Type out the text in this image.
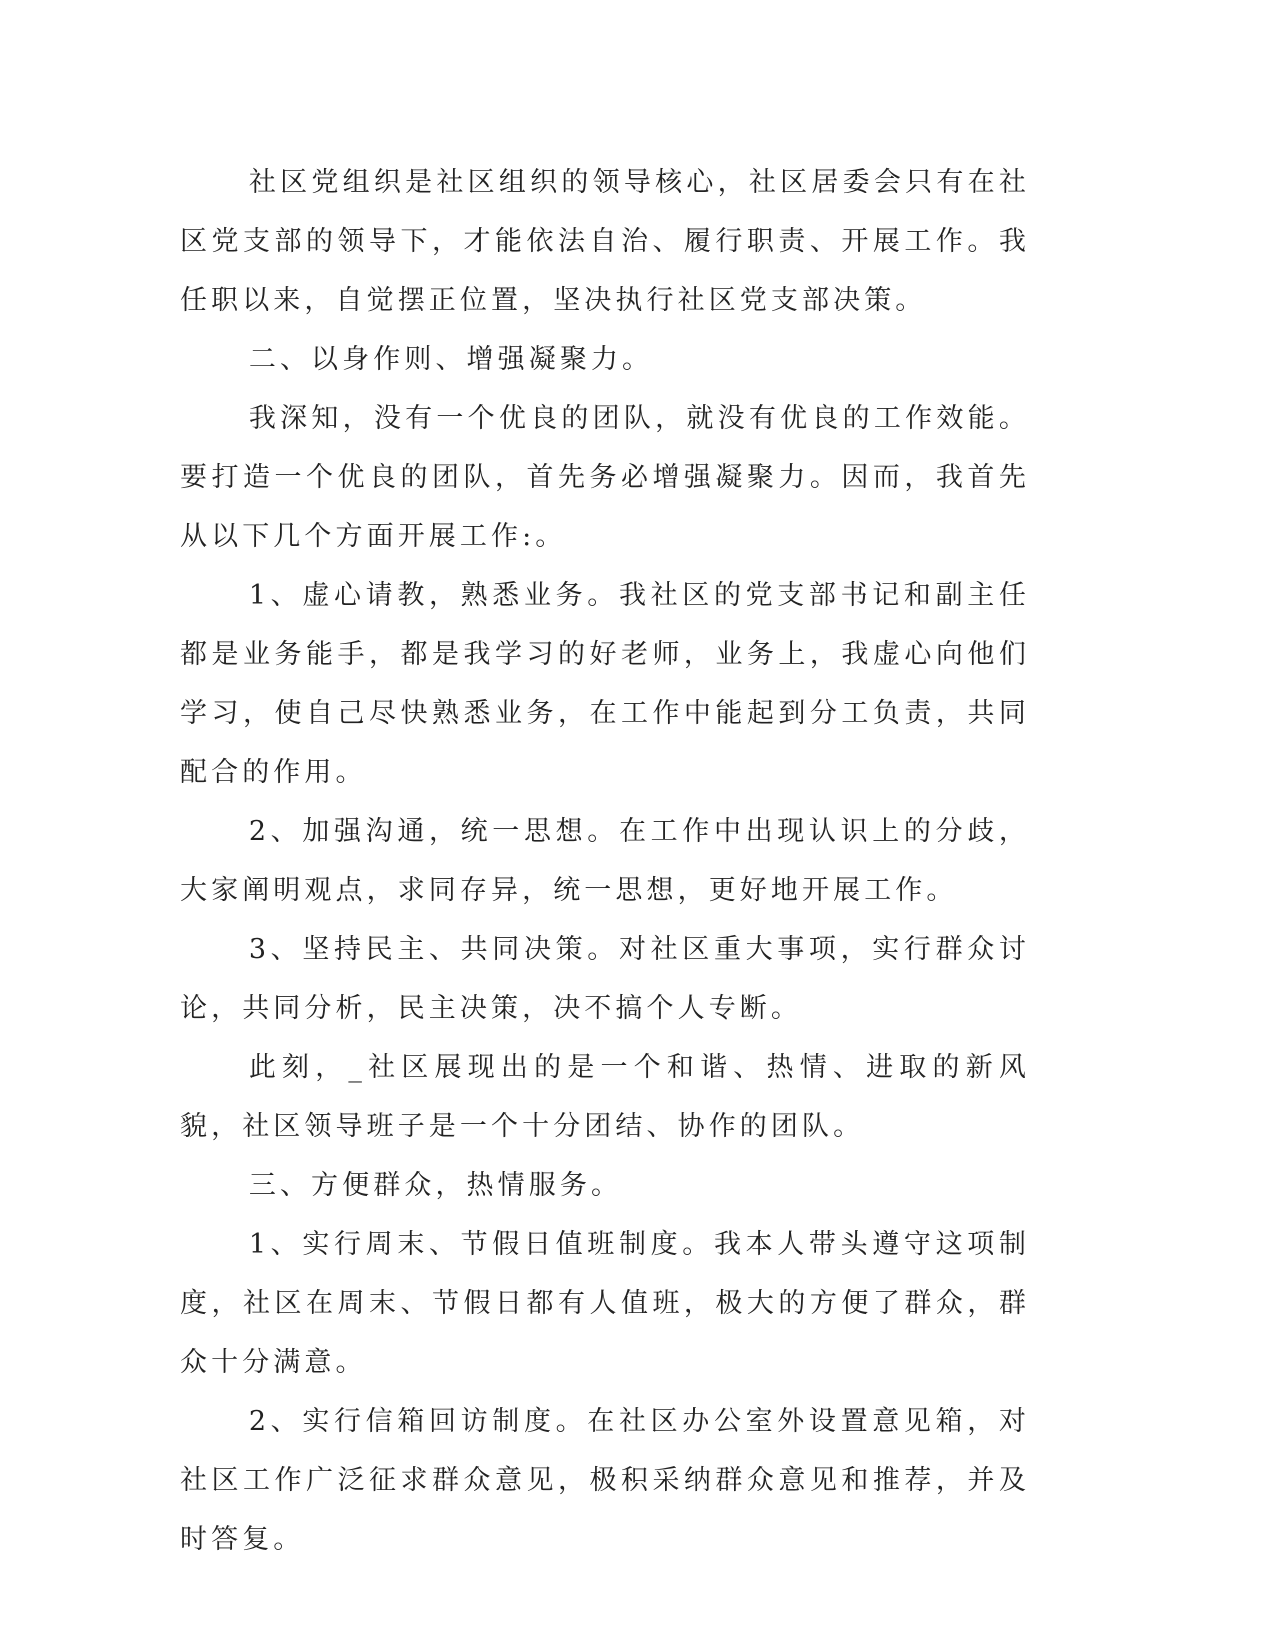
社区党组织是社区组织的领导核心，社区居委会只有在社区党支部的领导下，才能依法自治、履行职责、开展工作。我任职以来，自觉摆正位置，坚决执行社区党支部决策。

二、以身作则、增强凝聚力。

我深知，没有一个优良的团队，就没有优良的工作效能。要打造一个优良的团队，首先务必增强凝聚力。因而，我首先从以下几个方面开展工作:。

1、虚心请教，熟悉业务。我社区的党支部书记和副主任都是业务能手，都是我学习的好老师，业务上，我虚心向他们学习，使自己尽快熟悉业务，在工作中能起到分工负责，共同配合的作用。

2、加强沟通，统一思想。在工作中出现认识上的分歧，大家阐明观点，求同存异，统一思想，更好地开展工作。

3、坚持民主、共同决策。对社区重大事项，实行群众讨论，共同分析，民主决策，决不搞个人专断。

此刻，_社区展现出的是一个和谐、热情、进取的新风貌，社区领导班子是一个十分团结、协作的团队。

三、方便群众，热情服务。

1、实行周末、节假日值班制度。我本人带头遵守这项制度，社区在周末、节假日都有人值班，极大的方便了群众，群众十分满意。

2、实行信箱回访制度。在社区办公室外设置意见箱，对社区工作广泛征求群众意见，极积采纳群众意见和推荐，并及时答复。
